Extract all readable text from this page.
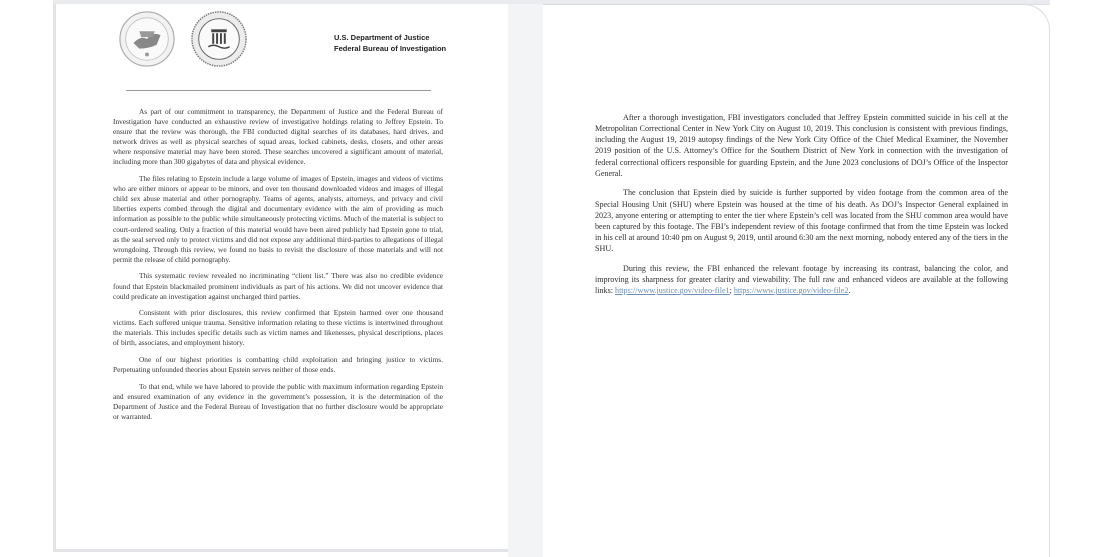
U.S. Department of Justice
Federal Bureau of Investigation

As part of our commitment to transparency, the Department of Justice and the Federal Bureau of Investigation have conducted an exhaustive review of investigative holdings relating to Jeffrey Epstein. To ensure that the review was thorough, the FBI conducted digital searches of its databases, hard drives, and network drives as well as physical searches of squad areas, locked cabinets, desks, closets, and other areas where responsive material may have been stored. These searches uncovered a significant amount of material, including more than 300 gigabytes of data and physical evidence.

The files relating to Epstein include a large volume of images of Epstein, images and videos of victims who are either minors or appear to be minors, and over ten thousand downloaded videos and images of illegal child sex abuse material and other pornography. Teams of agents, analysts, attorneys, and privacy and civil liberties experts combed through the digital and documentary evidence with the aim of providing as much information as possible to the public while simultaneously protecting victims. Much of the material is subject to court-ordered sealing. Only a fraction of this material would have been aired publicly had Epstein gone to trial, as the seal served only to protect victims and did not expose any additional third-parties to allegations of illegal wrongdoing. Through this review, we found no basis to revisit the disclosure of those materials and will not permit the release of child pornography.

This systematic review revealed no incriminating “client list.” There was also no credible evidence found that Epstein blackmailed prominent individuals as part of his actions. We did not uncover evidence that could predicate an investigation against uncharged third parties.

Consistent with prior disclosures, this review confirmed that Epstein harmed over one thousand victims. Each suffered unique trauma. Sensitive information relating to these victims is intertwined throughout the materials. This includes specific details such as victim names and likenesses, physical descriptions, places of birth, associates, and employment history.

One of our highest priorities is combatting child exploitation and bringing justice to victims. Perpetuating unfounded theories about Epstein serves neither of those ends.

To that end, while we have labored to provide the public with maximum information regarding Epstein and ensured examination of any evidence in the government’s possession, it is the determination of the Department of Justice and the Federal Bureau of Investigation that no further disclosure would be appropriate or warranted.

After a thorough investigation, FBI investigators concluded that Jeffrey Epstein committed suicide in his cell at the Metropolitan Correctional Center in New York City on August 10, 2019. This conclusion is consistent with previous findings, including the August 19, 2019 autopsy findings of the New York City Office of the Chief Medical Examiner, the November 2019 position of the U.S. Attorney’s Office for the Southern District of New York in connection with the investigation of federal correctional officers responsible for guarding Epstein, and the June 2023 conclusions of DOJ’s Office of the Inspector General.

The conclusion that Epstein died by suicide is further supported by video footage from the common area of the Special Housing Unit (SHU) where Epstein was housed at the time of his death. As DOJ’s Inspector General explained in 2023, anyone entering or attempting to enter the tier where Epstein’s cell was located from the SHU common area would have been captured by this footage. The FBI’s independent review of this footage confirmed that from the time Epstein was locked in his cell at around 10:40 pm on August 9, 2019, until around 6:30 am the next morning, nobody entered any of the tiers in the SHU.

During this review, the FBI enhanced the relevant footage by increasing its contrast, balancing the color, and improving its sharpness for greater clarity and viewability. The full raw and enhanced videos are available at the following links: https://www.justice.gov/video-file1; https://www.justice.gov/video-file2.
